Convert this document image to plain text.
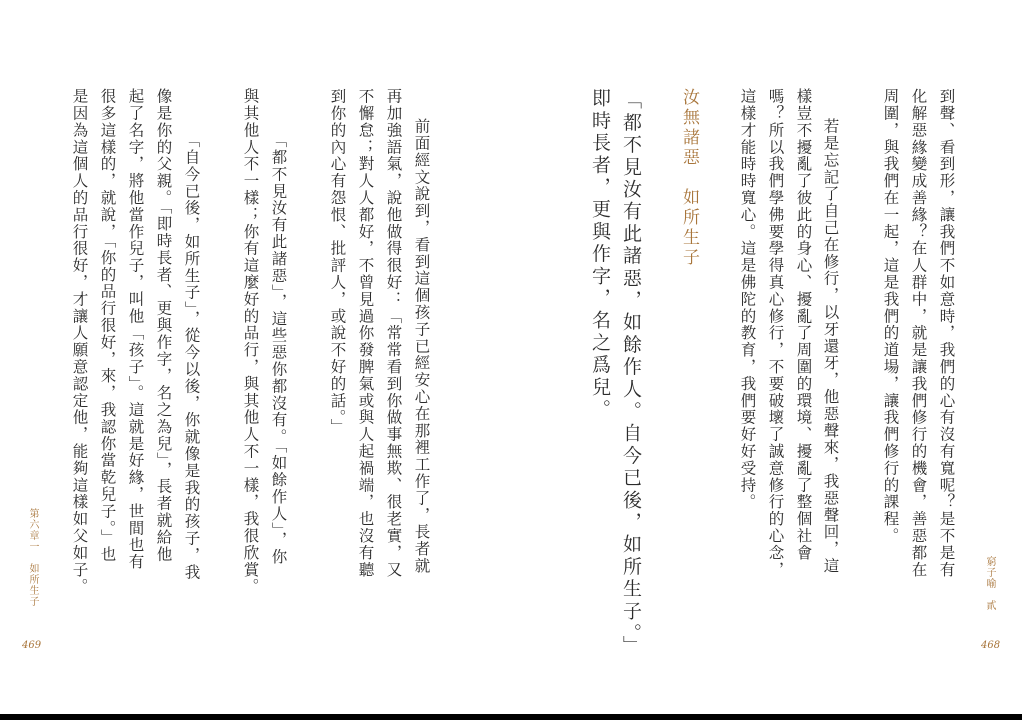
窮子喻　貳
468
到聲、看到形，讓我們不如意時，我們的心有沒有寬呢？是不是有
化解惡緣變成善緣？在人群中，就是讓我們修行的機會，善惡都在
周圍，與我們在一起，這是我們的道場，讓我們修行的課程。
若是忘記了自己在修行，以牙還牙，他惡聲來，我惡聲回，這
樣豈不擾亂了彼此的身心、擾亂了周圍的環境、擾亂了整個社會
嗎？所以我們學佛要學得真心修行，不要破壞了誠意修行的心念，
這樣才能時時寬心。這是佛陀的教育，我們要好好受持。
汝無諸惡　如所生子
「都不見汝有此諸惡，如餘作人。自今已後，如所生子。」
即時長者，更與作字，名之爲兒。
前面經文說到，看到這個孩子已經安心在那裡工作了，長者就
再加強語氣，說他做得很好：「常常看到你做事無欺、很老實，又
不懈怠；對人人都好，不曾見過你發脾氣或與人起禍端，也沒有聽
到你的內心有怨恨、批評人，或說不好的話。」
「都不見汝有此諸惡」，這些惡你都沒有。「如餘作人」，你
與其他人不一樣；你有這麼好的品行，與其他人不一樣，我很欣賞。
「自今已後，如所生子」，從今以後，你就像是我的孩子，我
像是你的父親。「即時長者、更與作字，名之為兒」，長者就給他
起了名字，將他當作兒子，叫他「孩子」。這就是好緣，世間也有
很多這樣的，就說，「你的品行很好，來，我認你當乾兒子。」也
是因為這個人的品行很好，才讓人願意認定他，能夠這樣如父如子。
第六章一　如所生子
469
